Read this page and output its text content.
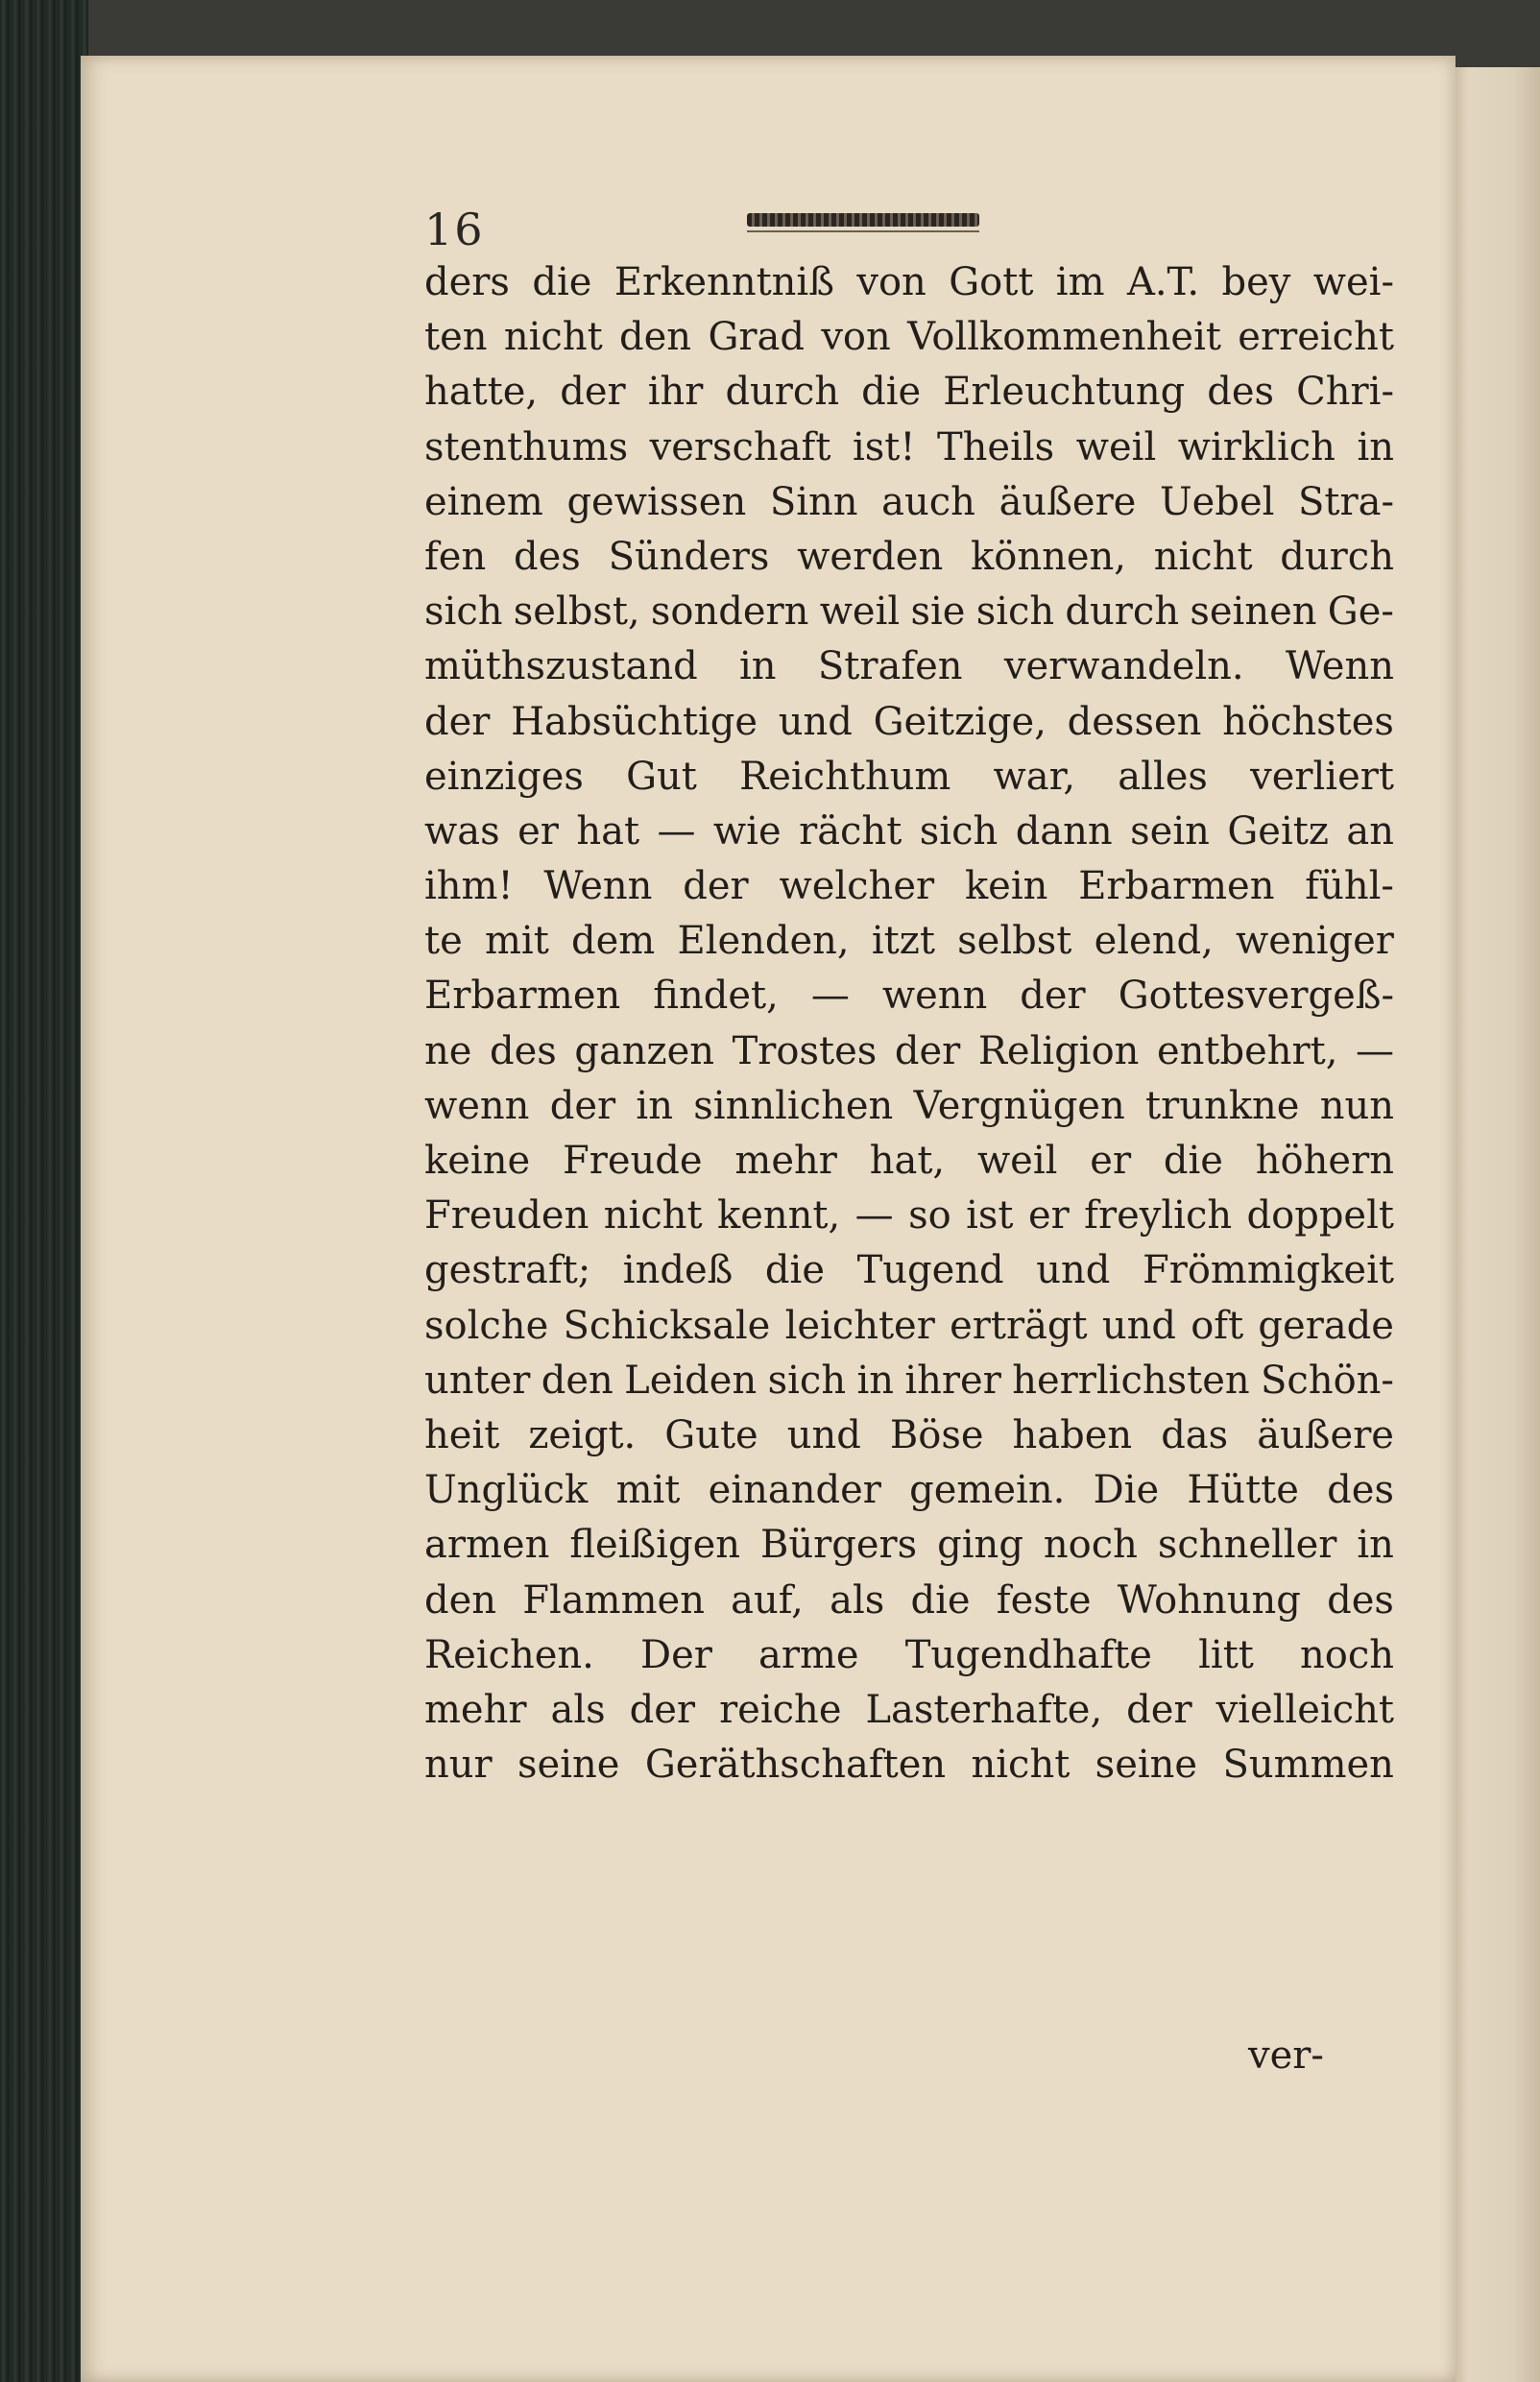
16
ders die Erkenntniß von Gott im A.T. bey wei-
ten nicht den Grad von Vollkommenheit erreicht
hatte, der ihr durch die Erleuchtung des Chri-
stenthums verschaft ist! Theils weil wirklich in
einem gewissen Sinn auch äußere Uebel Stra-
fen des Sünders werden können, nicht durch
sich selbst, sondern weil sie sich durch seinen Ge-
müthszustand in Strafen verwandeln. Wenn
der Habsüchtige und Geitzige, dessen höchstes
einziges Gut Reichthum war, alles verliert
was er hat — wie rächt sich dann sein Geitz an
ihm! Wenn der welcher kein Erbarmen fühl-
te mit dem Elenden, itzt selbst elend, weniger
Erbarmen findet, — wenn der Gottesvergeß-
ne des ganzen Trostes der Religion entbehrt, —
wenn der in sinnlichen Vergnügen trunkne nun
keine Freude mehr hat, weil er die höhern
Freuden nicht kennt, — so ist er freylich doppelt
gestraft; indeß die Tugend und Frömmigkeit
solche Schicksale leichter erträgt und oft gerade
unter den Leiden sich in ihrer herrlichsten Schön-
heit zeigt. Gute und Böse haben das äußere
Unglück mit einander gemein. Die Hütte des
armen fleißigen Bürgers ging noch schneller in
den Flammen auf, als die feste Wohnung des
Reichen. Der arme Tugendhafte litt noch
mehr als der reiche Lasterhafte, der vielleicht
nur seine Geräthschaften nicht seine Summen
ver-
